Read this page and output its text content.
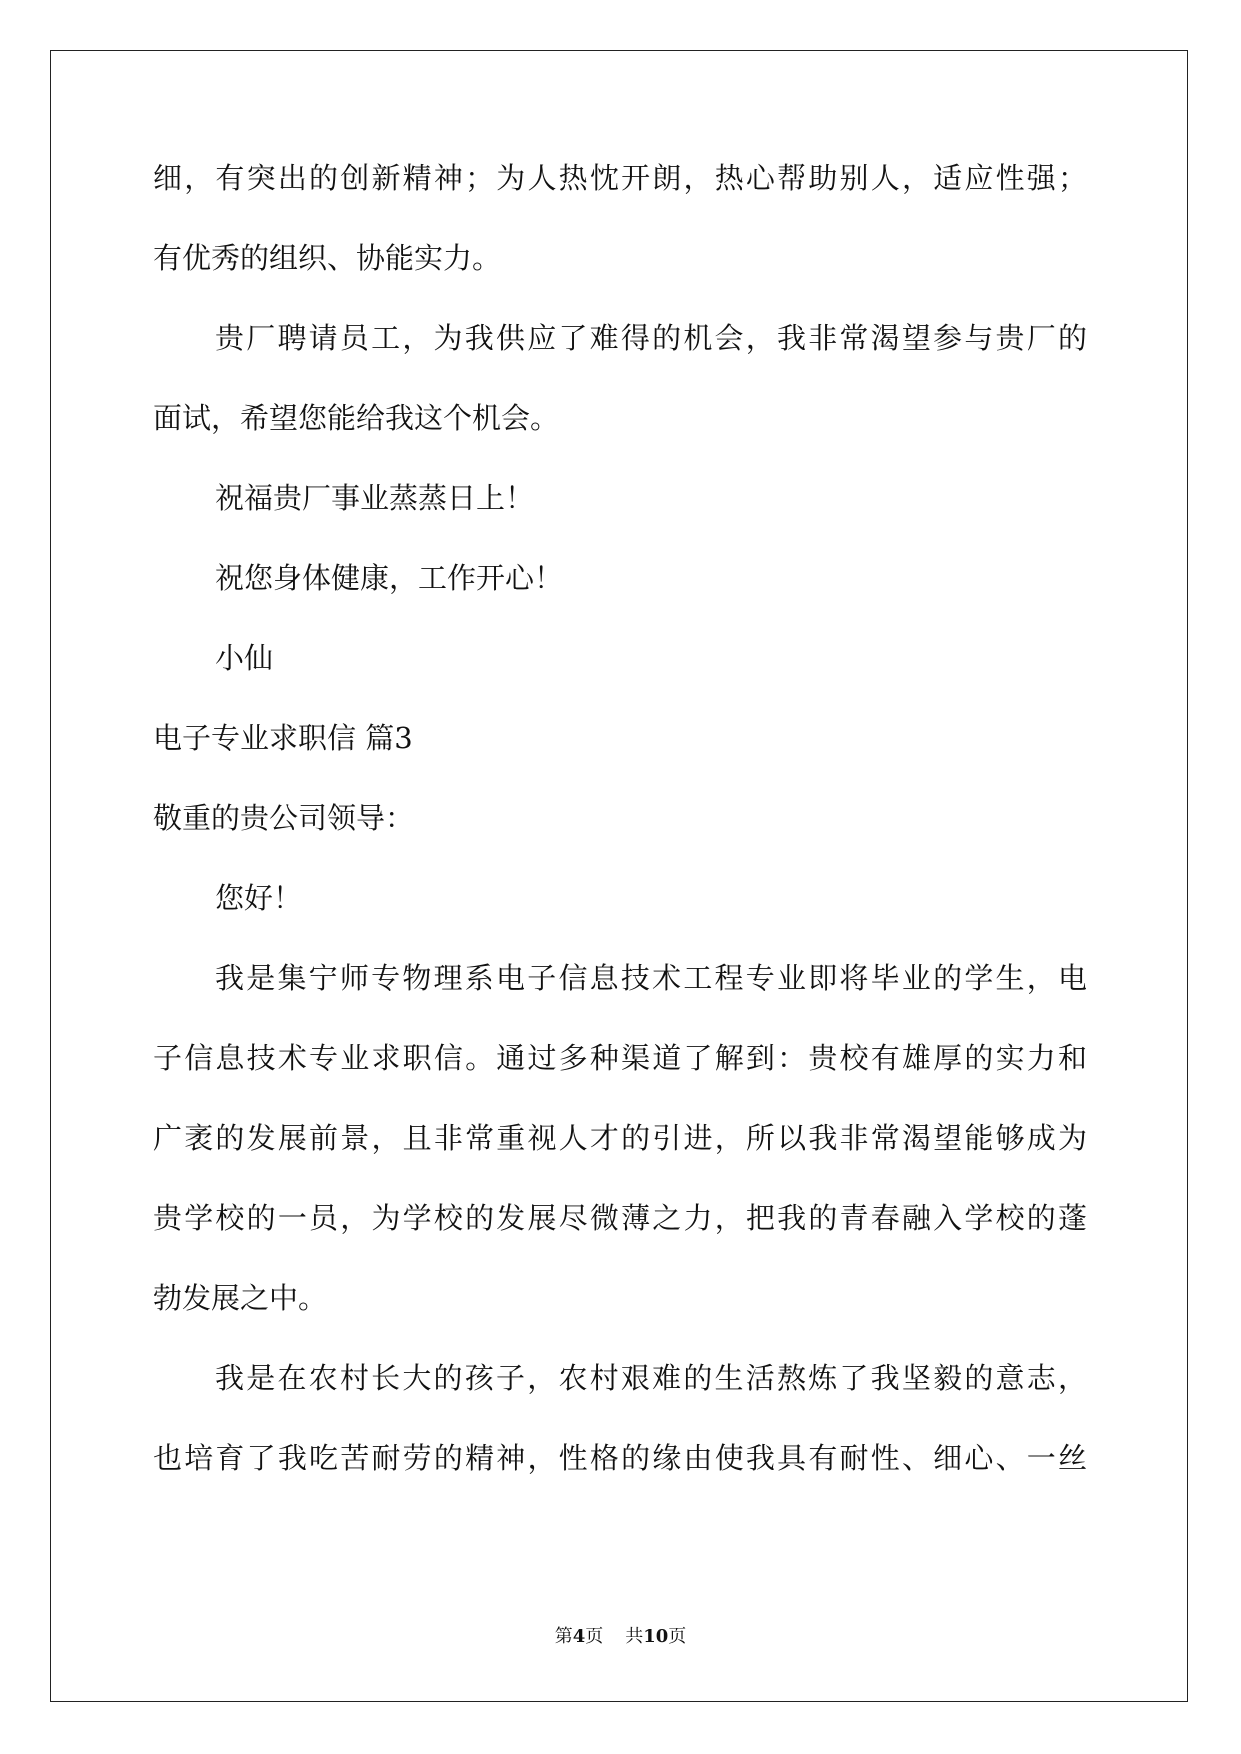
细，有突出的创新精神；为人热忱开朗，热心帮助别人，适应性强；

有优秀的组织、协能实力。

贵厂聘请员工，为我供应了难得的机会，我非常渴望参与贵厂的

面试，希望您能给我这个机会。

祝福贵厂事业蒸蒸日上！

祝您身体健康，工作开心！

小仙

电子专业求职信 篇3

敬重的贵公司领导：

您好！

我是集宁师专物理系电子信息技术工程专业即将毕业的学生，电

子信息技术专业求职信。通过多种渠道了解到：贵校有雄厚的实力和

广袤的发展前景，且非常重视人才的引进，所以我非常渴望能够成为

贵学校的一员，为学校的发展尽微薄之力，把我的青春融入学校的蓬

勃发展之中。

我是在农村长大的孩子，农村艰难的生活熬炼了我坚毅的意志，

也培育了我吃苦耐劳的精神，性格的缘由使我具有耐性、细心、一丝

第4页 共10页
